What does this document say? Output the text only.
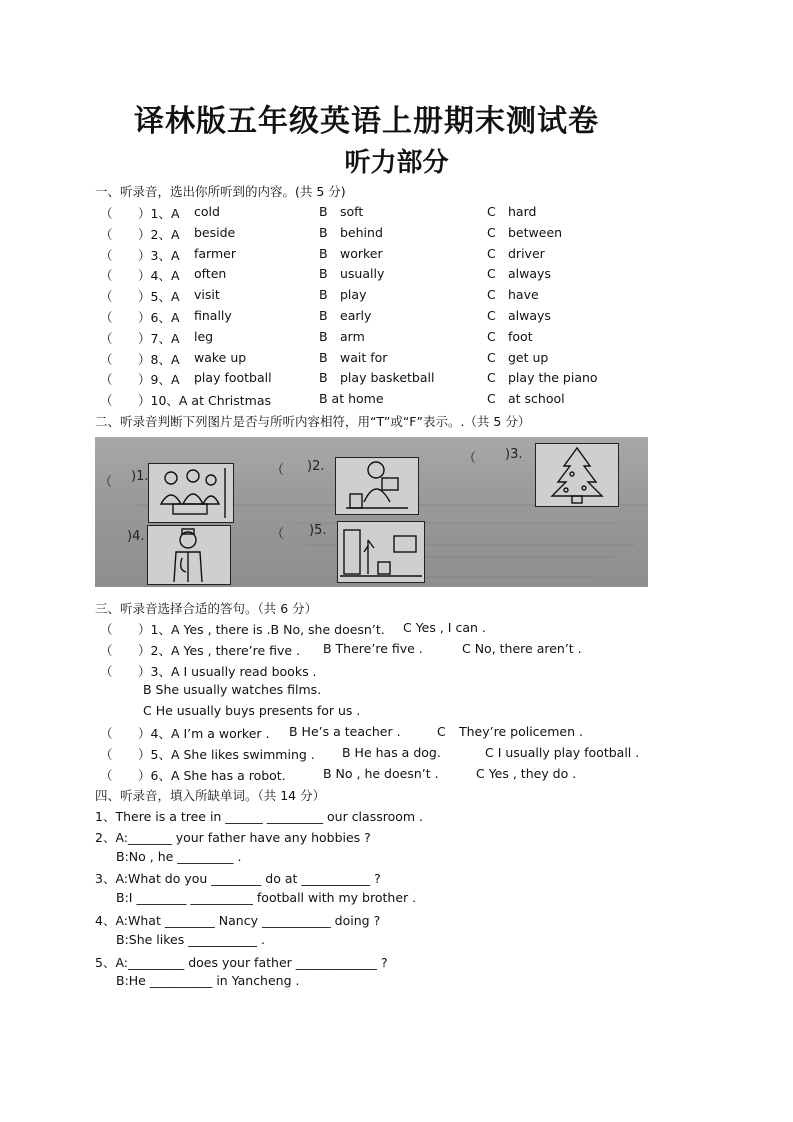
译林版五年级英语上册期末测试卷
听力部分
一、听录音，选出你所听到的内容。(共 5 分)
（ ）1、A cold	B soft	C hard
（ ）2、A beside	B behind	C between
（ ）3、A farmer	B worker	C driver
（ ）4、A often	B usually	C always
（ ）5、A visit	B play	C have
（ ）6、A finally	B early	C always
（ ）7、A leg	B arm	C foot
（ ）8、A wake up	B wait for	C get up
（ ）9、A play football	B play basketball	C play the piano
（ ）10、A at Christmas	B at home	C at school
二、听录音判断下列图片是否与所听内容相符，用“T”或“F”表示。.（共 5 分）
（ )1.	（ )2.
（ )3.
)4.	（ )5.
三、听录音选择合适的答句。（共 6 分）
（ ）1、A Yes , there is .B No, she doesn’t. C Yes , I can .
（ ）2、A Yes , there’re five . B There’re five .	C No, there aren’t .
（ ）3、A I usually read books .
B She usually watches films.
C He usually buys presents for us .
（ ）4、A I’m a worker . B He’s a teacher .	C They’re policemen .
（ ）5、A She likes swimming . B He has a dog.	C I usually play football .
（ ）6、A She has a robot.	B No , he doesn’t .	C Yes , they do .
四、听录音，填入所缺单词。（共 14 分）
1、There is a tree in ______ _________ our classroom .
2、A:_______ your father have any hobbies ?
B:No , he _________ .
3、A:What do you ________ do at ___________ ?
B:I ________ __________ football with my brother .
4、A:What ________ Nancy ___________ doing ?
B:She likes ___________ .
5、A:_________ does your father _____________ ?
B:He __________ in Yancheng .
